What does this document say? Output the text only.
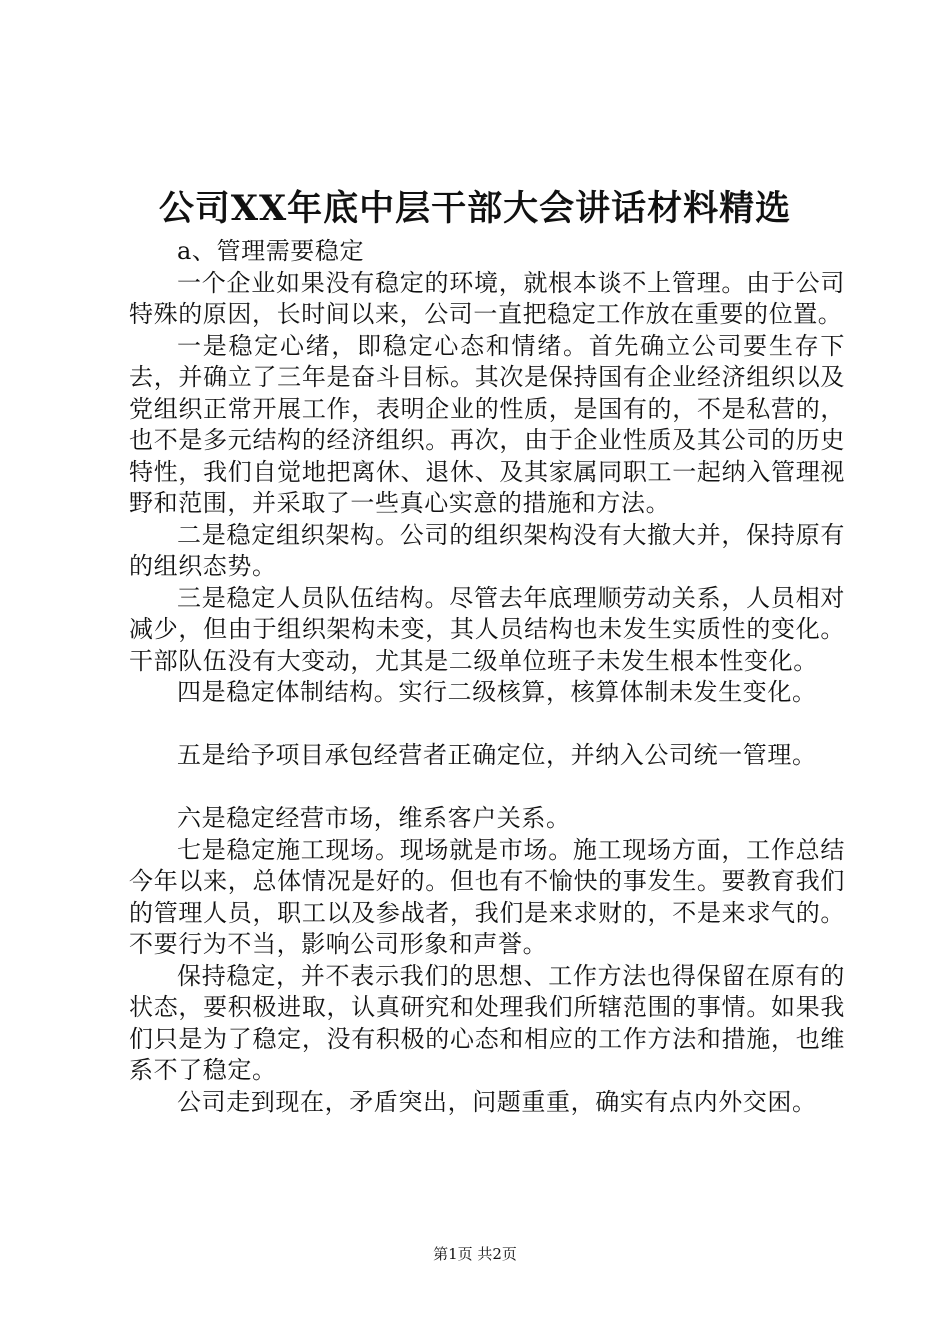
公司XX年底中层干部大会讲话材料精选

a、管理需要稳定

一个企业如果没有稳定的环境，就根本谈不上管理。由于公司特殊的原因，长时间以来，公司一直把稳定工作放在重要的位置。

一是稳定心绪，即稳定心态和情绪。首先确立公司要生存下去，并确立了三年是奋斗目标。其次是保持国有企业经济组织以及党组织正常开展工作，表明企业的性质，是国有的，不是私营的，也不是多元结构的经济组织。再次，由于企业性质及其公司的历史特性，我们自觉地把离休、退休、及其家属同职工一起纳入管理视野和范围，并采取了一些真心实意的措施和方法。

二是稳定组织架构。公司的组织架构没有大撤大并，保持原有的组织态势。

三是稳定人员队伍结构。尽管去年底理顺劳动关系，人员相对减少，但由于组织架构未变，其人员结构也未发生实质性的变化。干部队伍没有大变动，尤其是二级单位班子未发生根本性变化。

四是稳定体制结构。实行二级核算，核算体制未发生变化。

五是给予项目承包经营者正确定位，并纳入公司统一管理。

六是稳定经营市场，维系客户关系。

七是稳定施工现场。现场就是市场。施工现场方面，工作总结今年以来，总体情况是好的。但也有不愉快的事发生。要教育我们的管理人员，职工以及参战者，我们是来求财的，不是来求气的。不要行为不当，影响公司形象和声誉。

保持稳定，并不表示我们的思想、工作方法也得保留在原有的状态，要积极进取，认真研究和处理我们所辖范围的事情。如果我们只是为了稳定，没有积极的心态和相应的工作方法和措施，也维系不了稳定。

公司走到现在，矛盾突出，问题重重，确实有点内外交困。

第1页 共2页
